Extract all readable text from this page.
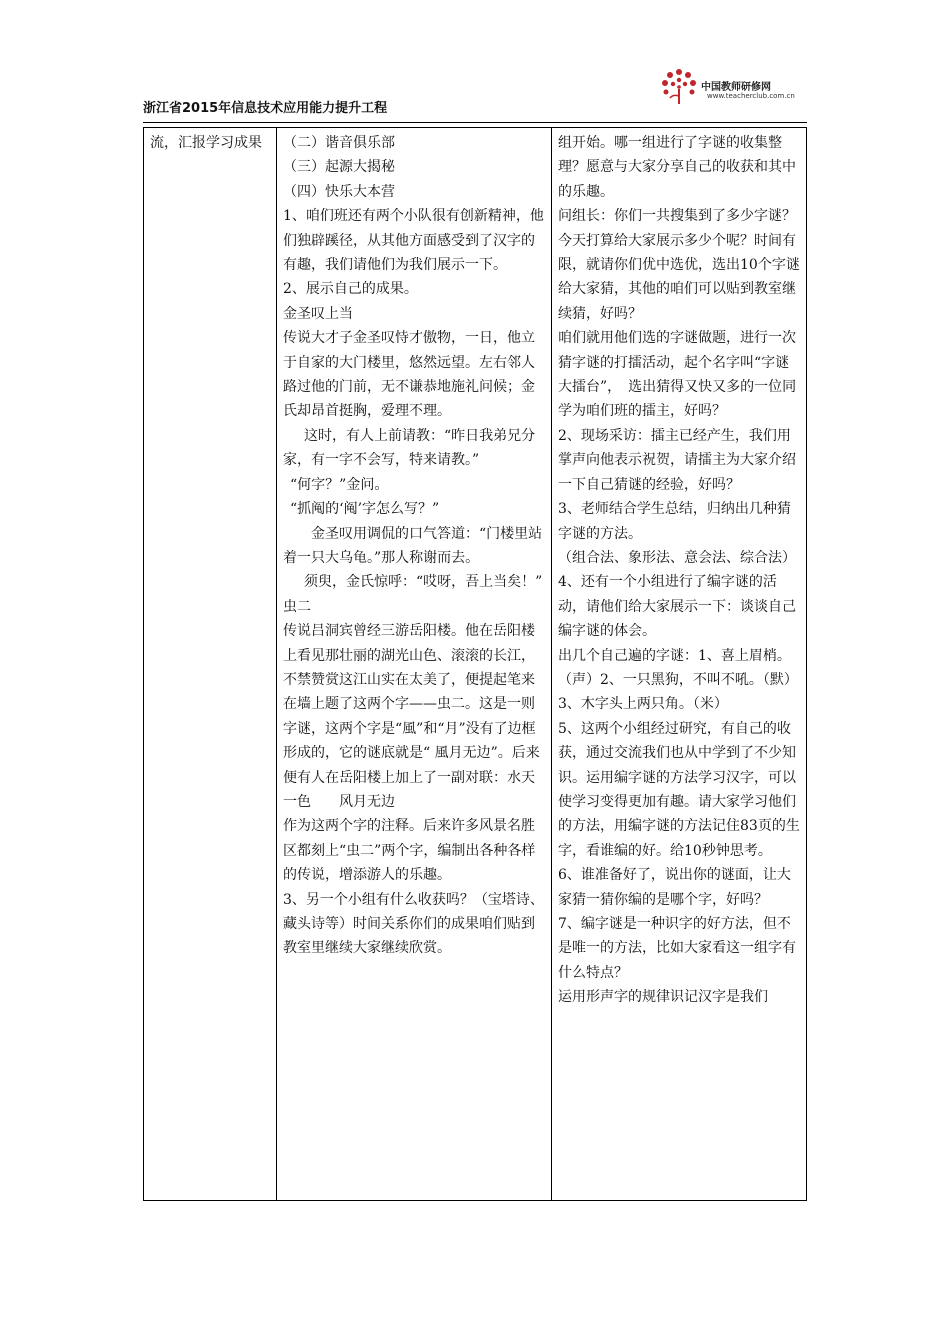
浙江省2015年信息技术应用能力提升工程
中国教师研修网
www.teacherclub.com.cn
流，汇报学习成果	（二）谐音俱乐部
（三）起源大揭秘
（四）快乐大本营
1、咱们班还有两个小队很有创新精神，他们独辟蹊径，从其他方面感受到了汉字的有趣，我们请他们为我们展示一下。
2、展示自己的成果。
金圣叹上当
传说大才子金圣叹恃才傲物，一日，他立于自家的大门楼里，悠然远望。左右邻人路过他的门前，无不谦恭地施礼问候；金氏却昂首挺胸，爱理不理。
这时，有人上前请教：“昨日我弟兄分家，有一字不会写，特来请教。”
“何字？”金问。
“抓阄的‘阄’字怎么写？”
金圣叹用调侃的口气答道：“门楼里站着一只大乌龟。”那人称谢而去。
须臾，金氏惊呼：“哎呀，吾上当矣！”
虫二
传说吕洞宾曾经三游岳阳楼。他在岳阳楼上看见那壮丽的湖光山色、滚滚的长江，不禁赞赏这江山实在太美了，便提起笔来在墙上题了这两个字——虫二。这是一则字谜，这两个字是“風”和“月”没有了边框形成的，它的谜底就是“ 風月无边”。后来便有人在岳阳楼上加上了一副对联：水天一色　　风月无边
作为这两个字的注释。后来许多风景名胜区都刻上“虫二”两个字，编制出各种各样的传说，增添游人的乐趣。
3、另一个小组有什么收获吗？（宝塔诗、藏头诗等）时间关系你们的成果咱们贴到教室里继续大家继续欣赏。

组开始。哪一组进行了字谜的收集整理？愿意与大家分享自己的收获和其中的乐趣。
问组长：你们一共搜集到了多少字谜？　　今天打算给大家展示多少个呢？时间有限，就请你们优中选优，选出10个字谜给大家猜，其他的咱们可以贴到教室继续猜，好吗？
咱们就用他们选的字谜做题，进行一次猜字谜的打擂活动，起个名字叫“字谜大擂台”，　选出猜得又快又多的一位同学为咱们班的擂主，好吗？
2、现场采访：擂主已经产生，我们用掌声向他表示祝贺，请擂主为大家介绍一下自己猜谜的经验，好吗？
3、老师结合学生总结，归纳出几种猜字谜的方法。
（组合法、象形法、意会法、综合法）
4、还有一个小组进行了编字谜的活动，请他们给大家展示一下：谈谈自己编字谜的体会。
出几个自己遍的字谜：1、喜上眉梢。（声）2、一只黑狗，不叫不吼。（默）
3、木字头上两只角。（米）
5、这两个小组经过研究，有自己的收获，通过交流我们也从中学到了不少知识。运用编字谜的方法学习汉字，可以使学习变得更加有趣。请大家学习他们的方法，用编字谜的方法记住83页的生字，看谁编的好。给10秒钟思考。
6、谁准备好了，说出你的谜面，让大家猜一猜你编的是哪个字，好吗？
7、编字谜是一种识字的好方法，但不是唯一的方法，比如大家看这一组字有什么特点？
运用形声字的规律识记汉字是我们
